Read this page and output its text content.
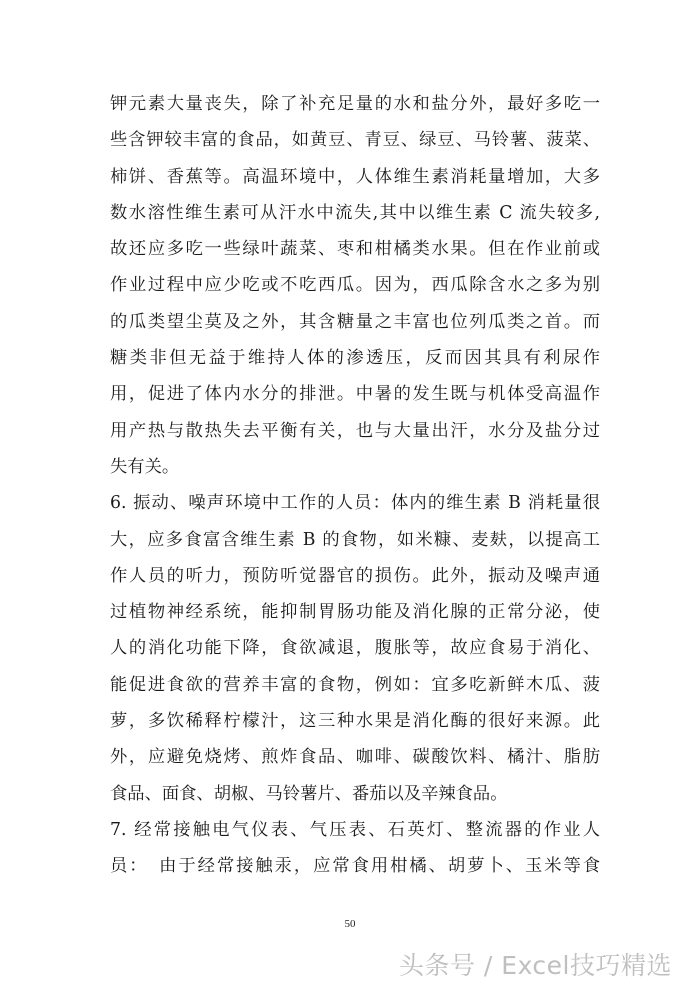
钾元素大量丧失，除了补充足量的水和盐分外，最好多吃一
些含钾较丰富的食品，如黄豆、青豆、绿豆、马铃薯、菠菜、
柿饼、香蕉等。高温环境中，人体维生素消耗量增加，大多
数水溶性维生素可从汗水中流失,其中以维生素 C 流失较多,
故还应多吃一些绿叶蔬菜、枣和柑橘类水果。但在作业前或
作业过程中应少吃或不吃西瓜。因为，西瓜除含水之多为别
的瓜类望尘莫及之外，其含糖量之丰富也位列瓜类之首。而
糖类非但无益于维持人体的渗透压，反而因其具有利尿作
用，促进了体内水分的排泄。中暑的发生既与机体受高温作
用产热与散热失去平衡有关，也与大量出汗，水分及盐分过
失有关。
6. 振动、噪声环境中工作的人员：体内的维生素 B 消耗量很
大，应多食富含维生素 B 的食物，如米糠、麦麸，以提高工
作人员的听力，预防听觉器官的损伤。此外，振动及噪声通
过植物神经系统，能抑制胃肠功能及消化腺的正常分泌，使
人的消化功能下降，食欲减退，腹胀等，故应食易于消化、
能促进食欲的营养丰富的食物，例如：宜多吃新鲜木瓜、菠
萝，多饮稀释柠檬汁，这三种水果是消化酶的很好来源。此
外，应避免烧烤、煎炸食品、咖啡、碳酸饮料、橘汁、脂肪
食品、面食、胡椒、马铃薯片、番茄以及辛辣食品。
7. 经常接触电气仪表、气压表、石英灯、整流器的作业人
员：　由于经常接触汞，应常食用柑橘、胡萝卜、玉米等食
50
头条号 / Excel技巧精选
